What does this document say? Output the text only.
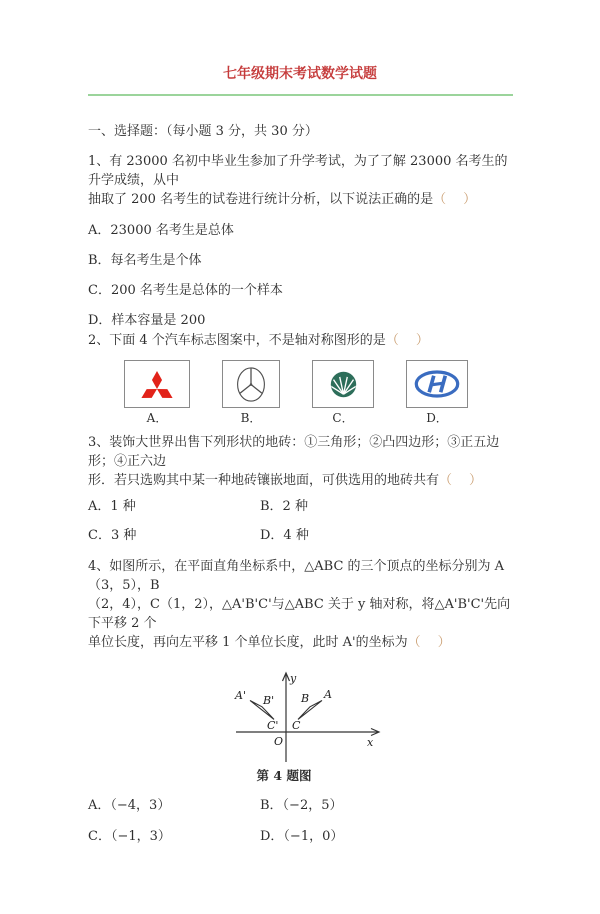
七年级期末考试数学试题

一、选择题：（每小题 3 分，共 30 分）

1、有 23000 名初中毕业生参加了升学考试，为了了解 23000 名考生的升学成绩，从中
抽取了 200 名考生的试卷进行统计分析，以下说法正确的是（　）

A．23000 名考生是总体

B．每名考生是个体

C．200 名考生是总体的一个样本

D．样本容量是 200

2、下面 4 个汽车标志图案中，不是轴对称图形的是（　）

A．	B．	C．	D．

3、装饰大世界出售下列形状的地砖：①三角形；②凸四边形；③正五边形；④正六边
形．若只选购其中某一种地砖镶嵌地面，可供选用的地砖共有（　）

A．1 种	B．2 种
C．3 种	D．4 种

4、如图所示，在平面直角坐标系中，△ABC 的三个顶点的坐标分别为 A（3，5），B
（2，4），C（1，2），△A'B'C'与△ABC 关于 y 轴对称，将△A'B'C'先向下平移 2 个
单位长度，再向左平移 1 个单位长度，此时 A'的坐标为（　）

y
x
O
A' B'
C'
B A
C
第 4 题图
A．（−4，3）	B．（−2，5）
C．（−1，3）	D．（−1，0）
